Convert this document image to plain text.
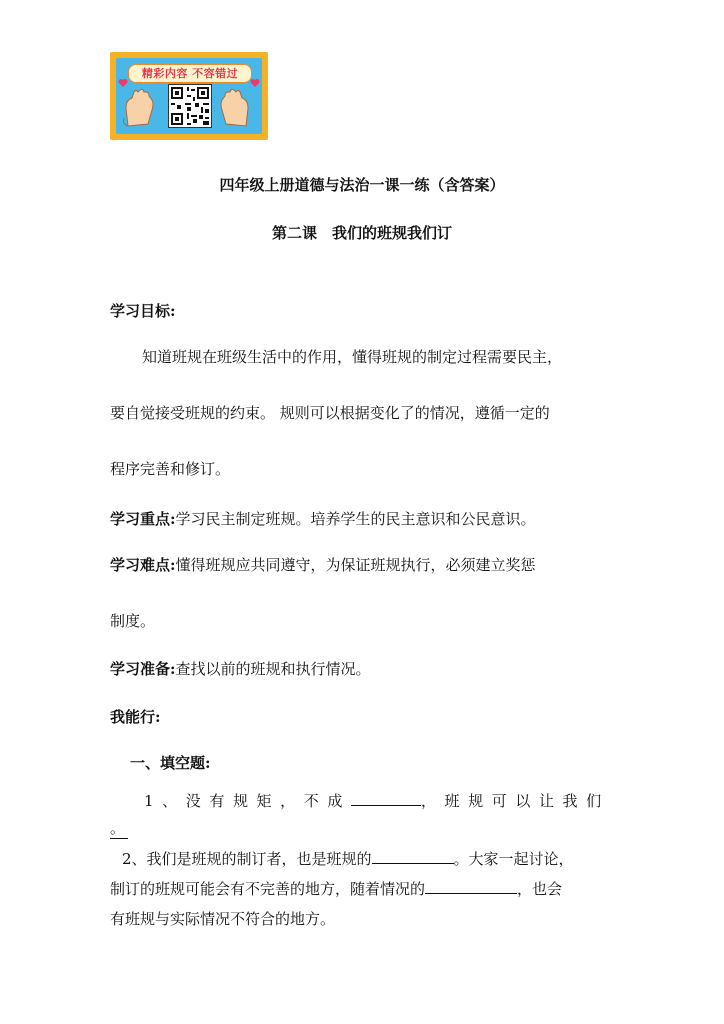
精彩内容 不容错过
四年级上册道德与法治一课一练（含答案）
第二课　我们的班规我们订
学习目标:
知道班规在班级生活中的作用，懂得班规的制定过程需要民主，
要自觉接受班规的约束。 规则可以根据变化了的情况，遵循一定的
程序完善和修订。
学习重点:学习民主制定班规。培养学生的民主意识和公民意识。
学习难点:懂得班规应共同遵守，为保证班规执行，必须建立奖惩
制度。
学习准备:查找以前的班规和执行情况。
我能行:
一、填空题:
1、没有规矩，不成	，班规可以让我们
。
2、我们是班规的制订者，也是班规的	。大家一起讨论，
制订的班规可能会有不完善的地方，随着情况的	，也会
有班规与实际情况不符合的地方。
